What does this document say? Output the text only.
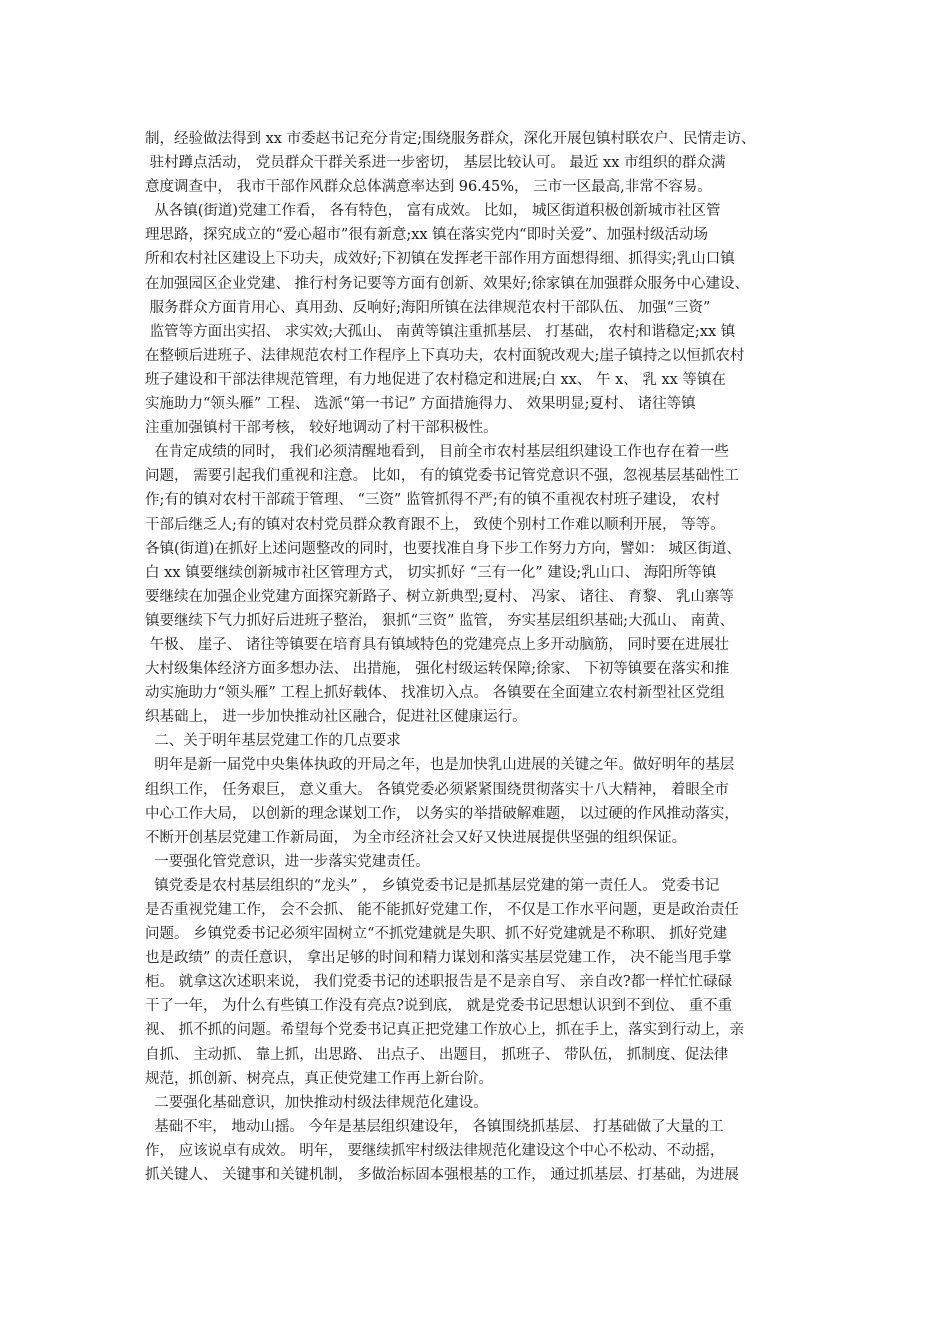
制，经验做法得到 xx 市委赵书记充分肯定;围绕服务群众，深化开展包镇村联农户、民情走访、
驻村蹲点活动， 党员群众干群关系进一步密切， 基层比较认可。 最近 xx 市组织的群众满
意度调查中， 我市干部作风群众总体满意率达到 96.45%， 三市一区最高,非常不容易。
从各镇(街道)党建工作看， 各有特色， 富有成效。 比如， 城区街道积极创新城市社区管
理思路，探究成立的“爱心超市”很有新意;xx 镇在落实党内“即时关爱”、加强村级活动场
所和农村社区建设上下功夫，成效好;下初镇在发挥老干部作用方面想得细、抓得实;乳山口镇
在加强园区企业党建、 推行村务记要等方面有创新、效果好;徐家镇在加强群众服务中心建设、
服务群众方面肯用心、真用劲、反响好;海阳所镇在法律规范农村干部队伍、 加强“三资”
监管等方面出实招、 求实效;大孤山、 南黄等镇注重抓基层、 打基础， 农村和谐稳定;xx 镇
在整顿后进班子、法律规范农村工作程序上下真功夫，农村面貌改观大;崖子镇持之以恒抓农村
班子建设和干部法律规范管理，有力地促进了农村稳定和进展;白 xx、 午 x、 乳 xx 等镇在
实施助力“领头雁” 工程、 选派“第一书记” 方面措施得力、 效果明显;夏村、 诸往等镇
注重加强镇村干部考核， 较好地调动了村干部积极性。
在肯定成绩的同时， 我们必须清醒地看到， 目前全市农村基层组织建设工作也存在着一些
问题， 需要引起我们重视和注意。 比如， 有的镇党委书记管党意识不强，忽视基层基础性工
作;有的镇对农村干部疏于管理、 “三资” 监管抓得不严;有的镇不重视农村班子建设， 农村
干部后继乏人;有的镇对农村党员群众教育跟不上， 致使个别村工作难以顺利开展， 等等。
各镇(街道)在抓好上述问题整改的同时，也要找准自身下步工作努力方向，譬如： 城区街道、
白 xx 镇要继续创新城市社区管理方式， 切实抓好 “三有一化” 建设;乳山口、 海阳所等镇
要继续在加强企业党建方面探究新路子、树立新典型;夏村、 冯家、 诸往、 育黎、 乳山寨等
镇要继续下气力抓好后进班子整治， 狠抓“三资” 监管， 夯实基层组织基础;大孤山、 南黄、
午极、 崖子、 诸往等镇要在培育具有镇域特色的党建亮点上多开动脑筋， 同时要在进展壮
大村级集体经济方面多想办法、 出措施， 强化村级运转保障;徐家、 下初等镇要在落实和推
动实施助力“领头雁” 工程上抓好载体、 找准切入点。 各镇要在全面建立农村新型社区党组
织基础上， 进一步加快推动社区融合，促进社区健康运行。
二、关于明年基层党建工作的几点要求
明年是新一届党中央集体执政的开局之年，也是加快乳山进展的关键之年。做好明年的基层
组织工作， 任务艰巨， 意义重大。 各镇党委必须紧紧围绕贯彻落实十八大精神， 着眼全市
中心工作大局， 以创新的理念谋划工作， 以务实的举措破解难题， 以过硬的作风推动落实，
不断开创基层党建工作新局面， 为全市经济社会又好又快进展提供坚强的组织保证。
一要强化管党意识，进一步落实党建责任。
镇党委是农村基层组织的“龙头” ， 乡镇党委书记是抓基层党建的第一责任人。 党委书记
是否重视党建工作， 会不会抓、 能不能抓好党建工作， 不仅是工作水平问题，更是政治责任
问题。 乡镇党委书记必须牢固树立“不抓党建就是失职、抓不好党建就是不称职、 抓好党建
也是政绩” 的责任意识， 拿出足够的时间和精力谋划和落实基层党建工作， 决不能当甩手掌
柜。 就拿这次述职来说， 我们党委书记的述职报告是不是亲自写、 亲自改?都一样忙忙碌碌
干了一年， 为什么有些镇工作没有亮点?说到底， 就是党委书记思想认识到不到位、 重不重
视、 抓不抓的问题。希望每个党委书记真正把党建工作放心上，抓在手上，落实到行动上，亲
自抓、 主动抓、 靠上抓，出思路、 出点子、 出题目， 抓班子、 带队伍， 抓制度、促法律
规范，抓创新、树亮点，真正使党建工作再上新台阶。
二要强化基础意识，加快推动村级法律规范化建设。
基础不牢， 地动山摇。 今年是基层组织建设年， 各镇围绕抓基层、 打基础做了大量的工
作， 应该说卓有成效。 明年， 要继续抓牢村级法律规范化建设这个中心不松动、不动摇，
抓关键人、 关键事和关键机制， 多做治标固本强根基的工作， 通过抓基层、打基础，为进展
